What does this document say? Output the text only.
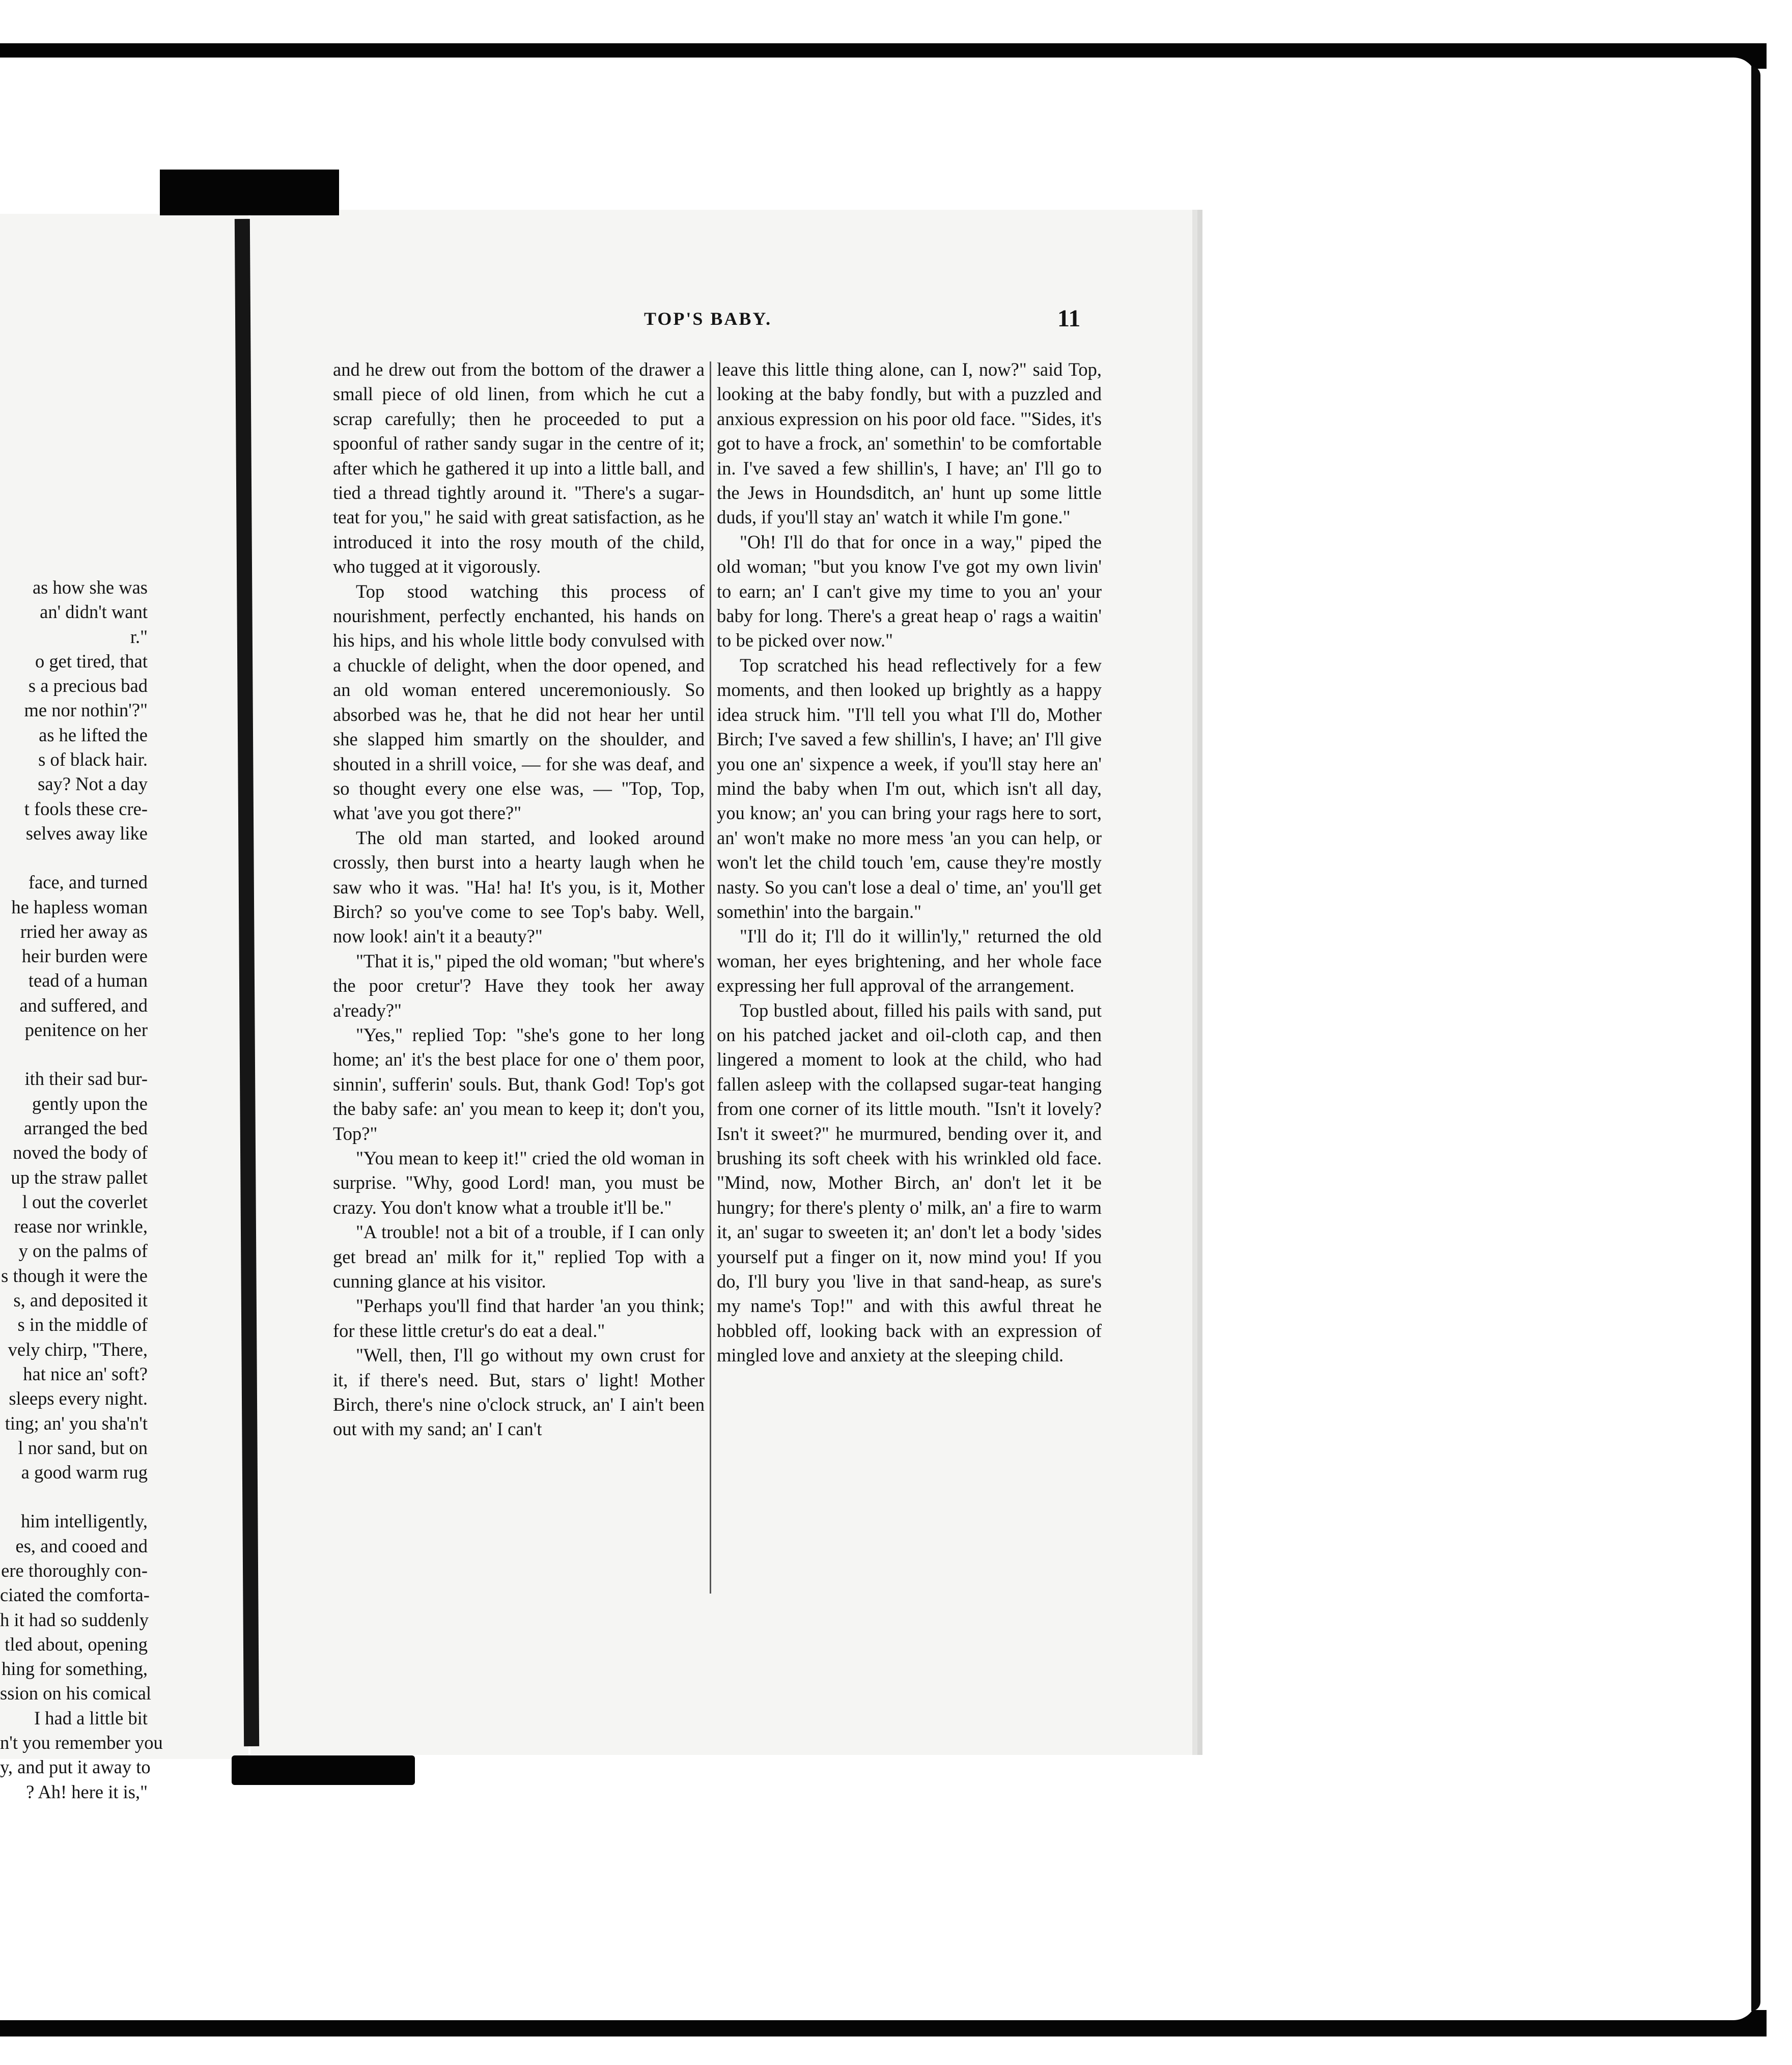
as how she was
an' didn't want
r."
o get tired, that
s a precious bad
me nor nothin'?"
as he lifted the
s of black hair.
say? Not a day
t fools these cre-
selves away like
face, and turned
he hapless woman
rried her away as
heir burden were
tead of a human
and suffered, and
penitence on her
ith their sad bur-
gently upon the
arranged the bed
noved the body of
up the straw pallet
l out the coverlet
rease nor wrinkle,
y on the palms of
s though it were the
s, and deposited it
s in the middle of
vely chirp, "There,
hat nice an' soft?
sleeps every night.
ting; an' you sha'n't
l nor sand, but on
a good warm rug
him intelligently,
es, and cooed and
ere thoroughly con-
ciated the comforta-
h it had so suddenly
tled about, opening
hing for something,
ssion on his comical
I had a little bit
n't you remember you
y, and put it away to
? Ah! here it is,"
TOP'S BABY.	11

and he drew out from the bottom of the drawer a small piece of old linen, from which he cut a scrap carefully; then he proceeded to put a spoonful of rather sandy sugar in the centre of it; after which he gathered it up into a little ball, and tied a thread tightly around it. "There's a sugar-teat for you," he said with great satisfaction, as he introduced it into the rosy mouth of the child, who tugged at it vigorously.

Top stood watching this process of nourishment, perfectly enchanted, his hands on his hips, and his whole little body convulsed with a chuckle of delight, when the door opened, and an old woman entered unceremoniously. So absorbed was he, that he did not hear her until she slapped him smartly on the shoulder, and shouted in a shrill voice, — for she was deaf, and so thought every one else was, — "Top, Top, what 'ave you got there?"

The old man started, and looked around crossly, then burst into a hearty laugh when he saw who it was. "Ha! ha! It's you, is it, Mother Birch? so you've come to see Top's baby. Well, now look! ain't it a beauty?"

"That it is," piped the old woman; "but where's the poor cretur'? Have they took her away a'ready?"

"Yes," replied Top: "she's gone to her long home; an' it's the best place for one o' them poor, sinnin', sufferin' souls. But, thank God! Top's got the baby safe: an' you mean to keep it; don't you, Top?"

"You mean to keep it!" cried the old woman in surprise. "Why, good Lord! man, you must be crazy. You don't know what a trouble it'll be."

"A trouble! not a bit of a trouble, if I can only get bread an' milk for it," replied Top with a cunning glance at his visitor.

"Perhaps you'll find that harder 'an you think; for these little cretur's do eat a deal."

"Well, then, I'll go without my own crust for it, if there's need. But, stars o' light! Mother Birch, there's nine o'clock struck, an' I ain't been out with my sand; an' I can't

leave this little thing alone, can I, now?" said Top, looking at the baby fondly, but with a puzzled and anxious expression on his poor old face. "'Sides, it's got to have a frock, an' somethin' to be comfortable in. I've saved a few shillin's, I have; an' I'll go to the Jews in Houndsditch, an' hunt up some little duds, if you'll stay an' watch it while I'm gone."

"Oh! I'll do that for once in a way," piped the old woman; "but you know I've got my own livin' to earn; an' I can't give my time to you an' your baby for long. There's a great heap o' rags a waitin' to be picked over now."

Top scratched his head reflectively for a few moments, and then looked up brightly as a happy idea struck him. "I'll tell you what I'll do, Mother Birch; I've saved a few shillin's, I have; an' I'll give you one an' sixpence a week, if you'll stay here an' mind the baby when I'm out, which isn't all day, you know; an' you can bring your rags here to sort, an' won't make no more mess 'an you can help, or won't let the child touch 'em, cause they're mostly nasty. So you can't lose a deal o' time, an' you'll get somethin' into the bargain."

"I'll do it; I'll do it willin'ly," returned the old woman, her eyes brightening, and her whole face expressing her full approval of the arrangement.

Top bustled about, filled his pails with sand, put on his patched jacket and oil-cloth cap, and then lingered a moment to look at the child, who had fallen asleep with the collapsed sugar-teat hanging from one corner of its little mouth. "Isn't it lovely? Isn't it sweet?" he murmured, bending over it, and brushing its soft cheek with his wrinkled old face. "Mind, now, Mother Birch, an' don't let it be hungry; for there's plenty o' milk, an' a fire to warm it, an' sugar to sweeten it; an' don't let a body 'sides yourself put a finger on it, now mind you! If you do, I'll bury you 'live in that sand-heap, as sure's my name's Top!" and with this awful threat he hobbled off, looking back with an expression of mingled love and anxiety at the sleeping child.
